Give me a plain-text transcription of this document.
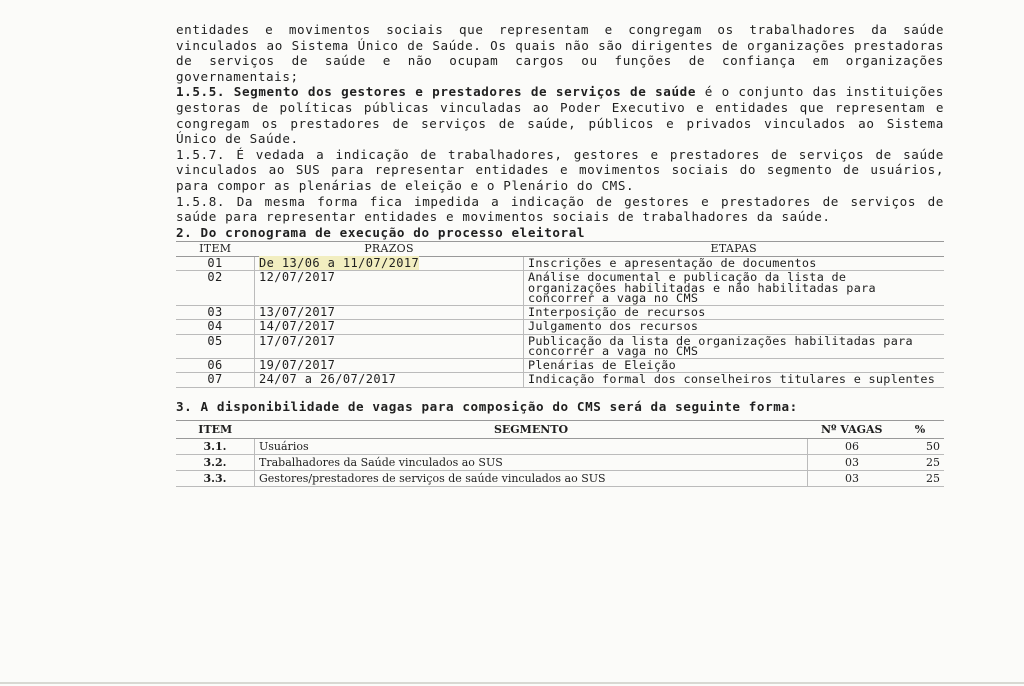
entidades e movimentos sociais que representam e congregam os trabalhadores da saúde vinculados ao Sistema Único de Saúde. Os quais não são dirigentes de organizações prestadoras de serviços de saúde e não ocupam cargos ou funções de confiança em organizações governamentais;

1.5.5. Segmento dos gestores e prestadores de serviços de saúde é o conjunto das instituições gestoras de políticas públicas vinculadas ao Poder Executivo e entidades que representam e congregam os prestadores de serviços de saúde, públicos e privados vinculados ao Sistema Único de Saúde.

1.5.7. É vedada a indicação de trabalhadores, gestores e prestadores de serviços de saúde vinculados ao SUS para representar entidades e movimentos sociais do segmento de usuários, para compor as plenárias de eleição e o Plenário do CMS.

1.5.8. Da mesma forma fica impedida a indicação de gestores e prestadores de serviços de saúde para representar entidades e movimentos sociais de trabalhadores da saúde.

2. Do cronograma de execução do processo eleitoral
ITEM	PRAZOS	ETAPAS
01	De 13/06 a 11/07/2017	Inscrições e apresentação de documentos
02	12/07/2017	Análise documental e publicação da lista de organizações habilitadas e não habilitadas para concorrer a vaga no CMS
03	13/07/2017	Interposição de recursos
04	14/07/2017	Julgamento dos recursos
05	17/07/2017	Publicação da lista de organizações habilitadas para concorrer a vaga no CMS
06	19/07/2017	Plenárias de Eleição
07	24/07 a 26/07/2017	Indicação formal dos conselheiros titulares e suplentes
3. A disponibilidade de vagas para composição do CMS será da seguinte forma:
ITEM	SEGMENTO	Nº VAGAS	%
3.1.	Usuários	06	50
3.2.	Trabalhadores da Saúde vinculados ao SUS	03	25
3.3.	Gestores/prestadores de serviços de saúde vinculados ao SUS	03	25
